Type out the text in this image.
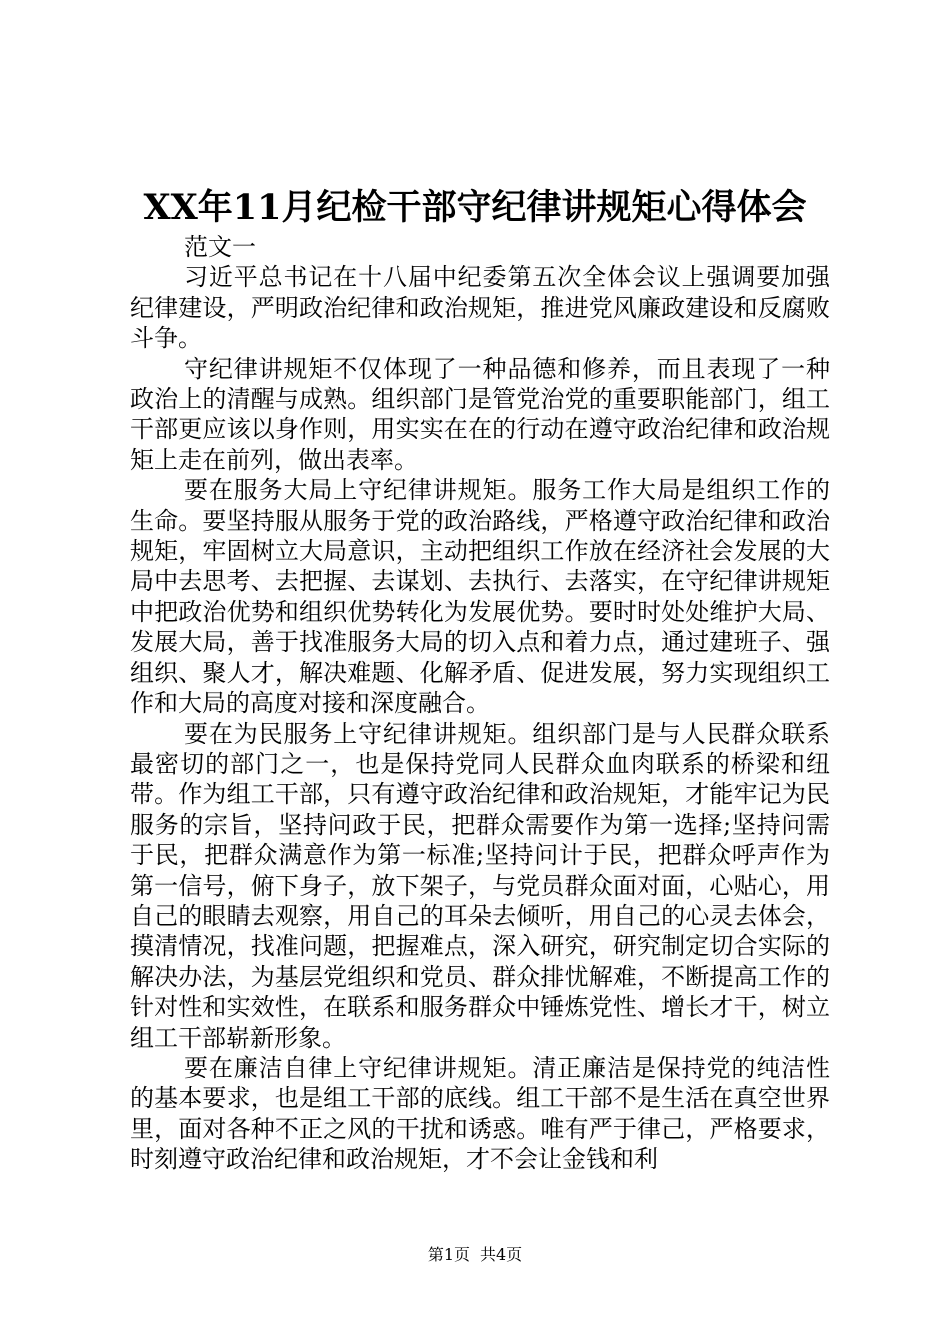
XX年11月纪检干部守纪律讲规矩心得体会

范文一

习近平总书记在十八届中纪委第五次全体会议上强调要加强纪律建设，严明政治纪律和政治规矩，推进党风廉政建设和反腐败斗争。

守纪律讲规矩不仅体现了一种品德和修养，而且表现了一种政治上的清醒与成熟。组织部门是管党治党的重要职能部门，组工干部更应该以身作则，用实实在在的行动在遵守政治纪律和政治规矩上走在前列，做出表率。

要在服务大局上守纪律讲规矩。服务工作大局是组织工作的生命。要坚持服从服务于党的政治路线，严格遵守政治纪律和政治规矩，牢固树立大局意识，主动把组织工作放在经济社会发展的大局中去思考、去把握、去谋划、去执行、去落实，在守纪律讲规矩中把政治优势和组织优势转化为发展优势。要时时处处维护大局、发展大局，善于找准服务大局的切入点和着力点，通过建班子、强组织、聚人才，解决难题、化解矛盾、促进发展，努力实现组织工作和大局的高度对接和深度融合。

要在为民服务上守纪律讲规矩。组织部门是与人民群众联系最密切的部门之一，也是保持党同人民群众血肉联系的桥梁和纽带。作为组工干部，只有遵守政治纪律和政治规矩，才能牢记为民服务的宗旨，坚持问政于民，把群众需要作为第一选择;坚持问需于民，把群众满意作为第一标准;坚持问计于民，把群众呼声作为第一信号，俯下身子，放下架子，与党员群众面对面，心贴心，用自己的眼睛去观察，用自己的耳朵去倾听，用自己的心灵去体会，摸清情况，找准问题，把握难点，深入研究，研究制定切合实际的解决办法，为基层党组织和党员、群众排忧解难，不断提高工作的针对性和实效性，在联系和服务群众中锤炼党性、增长才干，树立组工干部崭新形象。

要在廉洁自律上守纪律讲规矩。清正廉洁是保持党的纯洁性的基本要求，也是组工干部的底线。组工干部不是生活在真空世界里，面对各种不正之风的干扰和诱惑。唯有严于律己，严格要求，时刻遵守政治纪律和政治规矩，才不会让金钱和利

第1页 共4页
